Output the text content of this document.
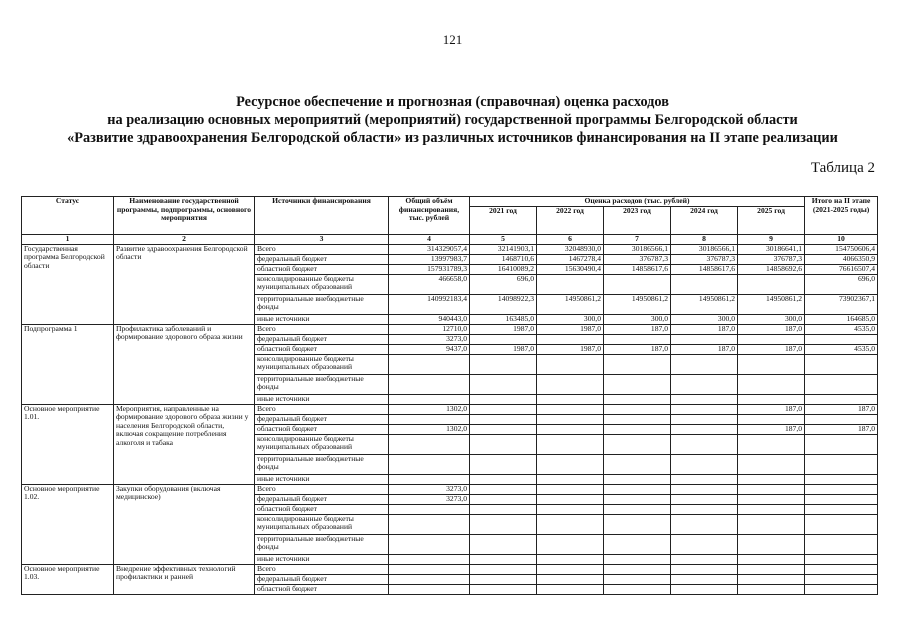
121
Ресурсное обеспечение и прогнозная (справочная) оценка расходов
на реализацию основных мероприятий (мероприятий) государственной программы Белгородской области
«Развитие здравоохранения Белгородской области» из различных источников финансирования на II этапе реализации
Таблица 2
Статус	Наименование государственной программы, подпрограммы, основного мероприятия	Источники финансирования	Общий объём финансирования, тыс. рублей	Оценка расходов (тыс. рублей)					Итого на II этапе (2021-2025 годы)
				2021 год	2022 год	2023 год	2024 год	2025 год	
1	2	3	4	5	6	7	8	9	10
Государственная программа Белгородской области	Развитие здравоохранения Белгородской области	Всего	314329057,4	32141903,1	32048930,0	30186566,1	30186566,1	30186641,1	154750606,4
		федеральный бюджет	13997983,7	1468710,6	1467278,4	376787,3	376787,3	376787,3	4066350,9
		областной бюджет	157931789,3	16410089,2	15630490,4	14858617,6	14858617,6	14858692,6	76616507,4
		консолидированные бюджеты муниципальных образований	466658,0	696,0					696,0
		территориальные внебюджетные фонды	140992183,4	14098922,3	14950861,2	14950861,2	14950861,2	14950861,2	73902367,1
		иные источники	940443,0	163485,0	300,0	300,0	300,0	300,0	164685,0
Подпрограмма 1	Профилактика заболеваний и формирование здорового образа жизни	Всего	12710,0	1987,0	1987,0	187,0	187,0	187,0	4535,0
		федеральный бюджет	3273,0						
		областной бюджет	9437,0	1987,0	1987,0	187,0	187,0	187,0	4535,0
		консолидированные бюджеты муниципальных образований							
		территориальные внебюджетные фонды							
		иные источники							
Основное мероприятие 1.01.	Мероприятия, направленные на формирование здорового образа жизни у населения Белгородской области, включая сокращение потребления алкоголя и табака	Всего	1302,0					187,0	187,0
		федеральный бюджет							
		областной бюджет	1302,0					187,0	187,0
		консолидированные бюджеты муниципальных образований							
		территориальные внебюджетные фонды							
		иные источники							
Основное мероприятие 1.02.	Закупки оборудования (включая медицинское)	Всего	3273,0						
		федеральный бюджет	3273,0						
		областной бюджет							
		консолидированные бюджеты муниципальных образований							
		территориальные внебюджетные фонды							
		иные источники							
Основное мероприятие 1.03.	Внедрение эффективных технологий профилактики и ранней	Всего							
		федеральный бюджет							
		областной бюджет							
